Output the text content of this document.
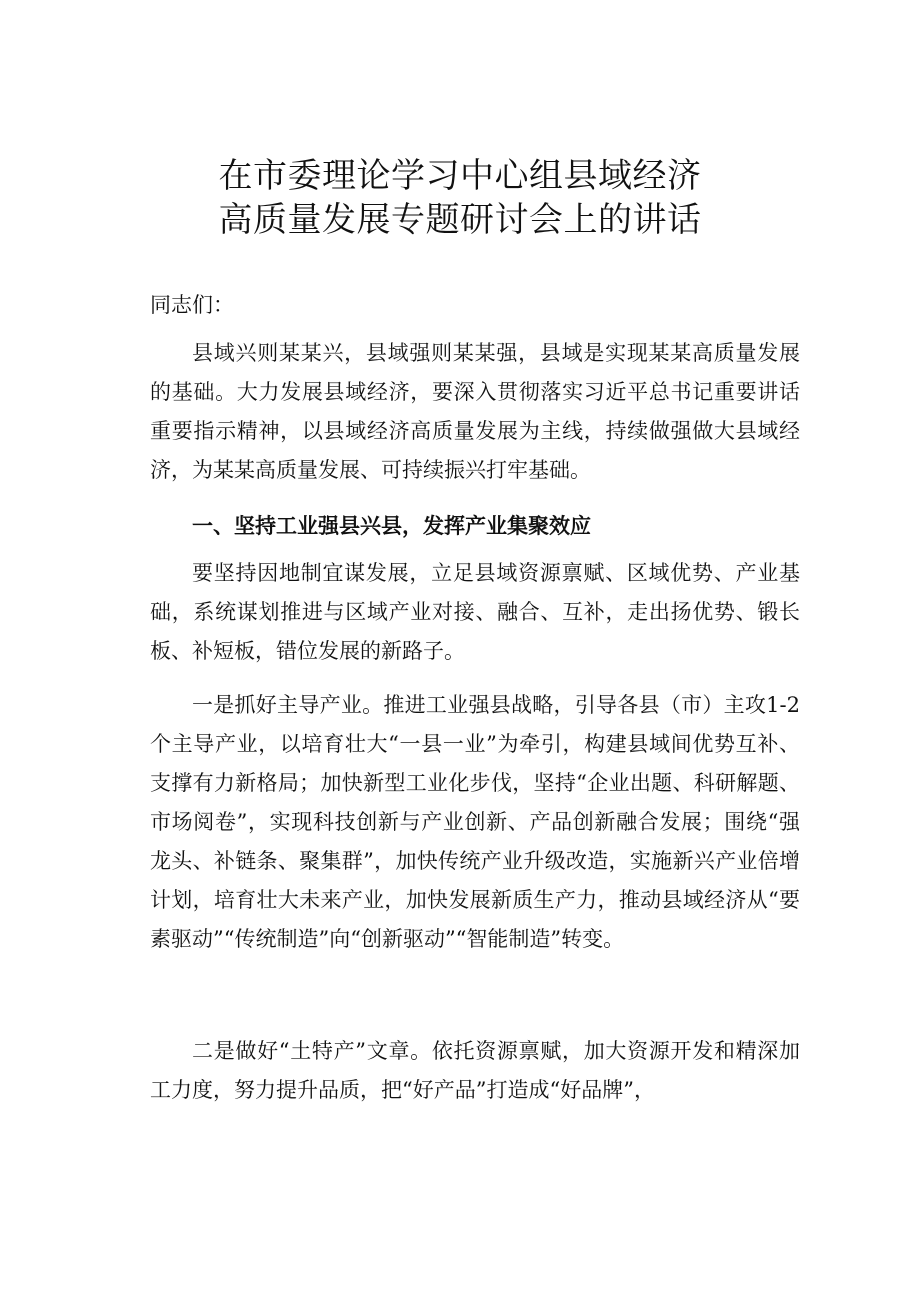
在市委理论学习中心组县域经济
高质量发展专题研讨会上的讲话
同志们：

县域兴则某某兴，县域强则某某强，县域是实现某某高质量发展的基础。大力发展县域经济，要深入贯彻落实习近平总书记重要讲话重要指示精神，以县域经济高质量发展为主线，持续做强做大县域经济，为某某高质量发展、可持续振兴打牢基础。

一、坚持工业强县兴县，发挥产业集聚效应

要坚持因地制宜谋发展，立足县域资源禀赋、区域优势、产业基础，系统谋划推进与区域产业对接、融合、互补，走出扬优势、锻长板、补短板，错位发展的新路子。

一是抓好主导产业。推进工业强县战略，引导各县（市）主攻1-2个主导产业，以培育壮大“一县一业”为牵引，构建县域间优势互补、支撑有力新格局；加快新型工业化步伐，坚持“企业出题、科研解题、市场阅卷”，实现科技创新与产业创新、产品创新融合发展；围绕“强龙头、补链条、聚集群”，加快传统产业升级改造，实施新兴产业倍增计划，培育壮大未来产业，加快发展新质生产力，推动县域经济从“要素驱动”“传统制造”向“创新驱动”“智能制造”转变。

二是做好“土特产”文章。依托资源禀赋，加大资源开发和精深加工力度，努力提升品质，把“好产品”打造成“好品牌”，
